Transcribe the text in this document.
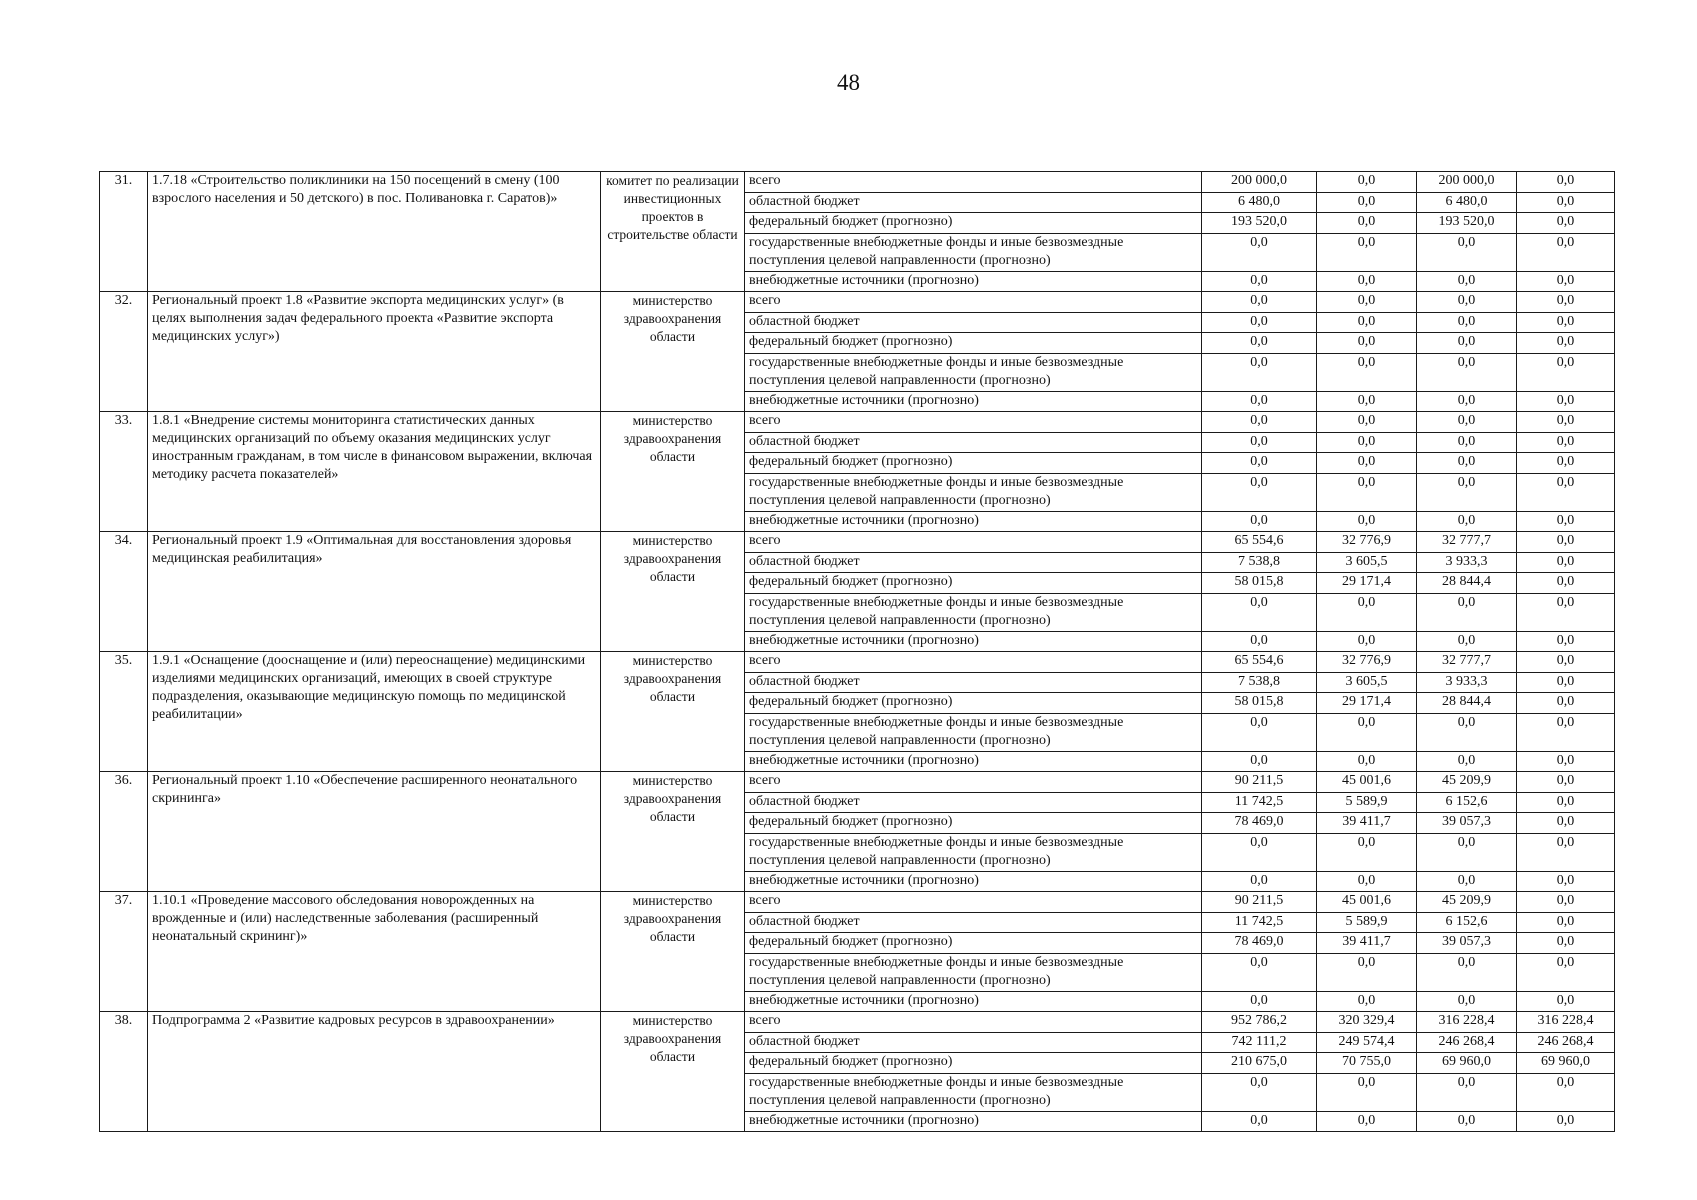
48
31.	1.7.18 «Строительство поликлиники на 150 посещений в смену (100 взрослого населения и 50 детского) в пос. Поливановка г. Саратов)»	комитет по реализации инвестиционных проектов в строительстве области	всего	200 000,0	0,0	200 000,0	0,0
			областной бюджет	6 480,0	0,0	6 480,0	0,0
			федеральный бюджет (прогнозно)	193 520,0	0,0	193 520,0	0,0
			государственные внебюджетные фонды и иные безвозмездные поступления целевой направленности (прогнозно)	0,0	0,0	0,0	0,0
			внебюджетные источники (прогнозно)	0,0	0,0	0,0	0,0
32.	Региональный проект 1.8 «Развитие экспорта медицинских услуг» (в целях выполнения задач федерального проекта «Развитие экспорта медицинских услуг»)	министерство здравоохранения области	всего	0,0	0,0	0,0	0,0
			областной бюджет	0,0	0,0	0,0	0,0
			федеральный бюджет (прогнозно)	0,0	0,0	0,0	0,0
			государственные внебюджетные фонды и иные безвозмездные поступления целевой направленности (прогнозно)	0,0	0,0	0,0	0,0
			внебюджетные источники (прогнозно)	0,0	0,0	0,0	0,0
33.	1.8.1 «Внедрение системы мониторинга статистических данных медицинских организаций по объему оказания медицинских услуг иностранным гражданам, в том числе в финансовом выражении, включая методику расчета показателей»	министерство здравоохранения области	всего	0,0	0,0	0,0	0,0
			областной бюджет	0,0	0,0	0,0	0,0
			федеральный бюджет (прогнозно)	0,0	0,0	0,0	0,0
			государственные внебюджетные фонды и иные безвозмездные поступления целевой направленности (прогнозно)	0,0	0,0	0,0	0,0
			внебюджетные источники (прогнозно)	0,0	0,0	0,0	0,0
34.	Региональный проект 1.9 «Оптимальная для восстановления здоровья медицинская реабилитация»	министерство здравоохранения области	всего	65 554,6	32 776,9	32 777,7	0,0
			областной бюджет	7 538,8	3 605,5	3 933,3	0,0
			федеральный бюджет (прогнозно)	58 015,8	29 171,4	28 844,4	0,0
			государственные внебюджетные фонды и иные безвозмездные поступления целевой направленности (прогнозно)	0,0	0,0	0,0	0,0
			внебюджетные источники (прогнозно)	0,0	0,0	0,0	0,0
35.	1.9.1 «Оснащение (дооснащение и (или) переоснащение) медицинскими изделиями медицинских организаций, имеющих в своей структуре подразделения, оказывающие медицинскую помощь по медицинской реабилитации»	министерство здравоохранения области	всего	65 554,6	32 776,9	32 777,7	0,0
			областной бюджет	7 538,8	3 605,5	3 933,3	0,0
			федеральный бюджет (прогнозно)	58 015,8	29 171,4	28 844,4	0,0
			государственные внебюджетные фонды и иные безвозмездные поступления целевой направленности (прогнозно)	0,0	0,0	0,0	0,0
			внебюджетные источники (прогнозно)	0,0	0,0	0,0	0,0
36.	Региональный проект 1.10 «Обеспечение расширенного неонатального скрининга»	министерство здравоохранения области	всего	90 211,5	45 001,6	45 209,9	0,0
			областной бюджет	11 742,5	5 589,9	6 152,6	0,0
			федеральный бюджет (прогнозно)	78 469,0	39 411,7	39 057,3	0,0
			государственные внебюджетные фонды и иные безвозмездные поступления целевой направленности (прогнозно)	0,0	0,0	0,0	0,0
			внебюджетные источники (прогнозно)	0,0	0,0	0,0	0,0
37.	1.10.1 «Проведение массового обследования новорожденных на врожденные и (или) наследственные заболевания (расширенный неонатальный скрининг)»	министерство здравоохранения области	всего	90 211,5	45 001,6	45 209,9	0,0
			областной бюджет	11 742,5	5 589,9	6 152,6	0,0
			федеральный бюджет (прогнозно)	78 469,0	39 411,7	39 057,3	0,0
			государственные внебюджетные фонды и иные безвозмездные поступления целевой направленности (прогнозно)	0,0	0,0	0,0	0,0
			внебюджетные источники (прогнозно)	0,0	0,0	0,0	0,0
38.	Подпрограмма 2 «Развитие кадровых ресурсов в здравоохранении»	министерство здравоохранения области	всего	952 786,2	320 329,4	316 228,4	316 228,4
			областной бюджет	742 111,2	249 574,4	246 268,4	246 268,4
			федеральный бюджет (прогнозно)	210 675,0	70 755,0	69 960,0	69 960,0
			государственные внебюджетные фонды и иные безвозмездные поступления целевой направленности (прогнозно)	0,0	0,0	0,0	0,0
			внебюджетные источники (прогнозно)	0,0	0,0	0,0	0,0
